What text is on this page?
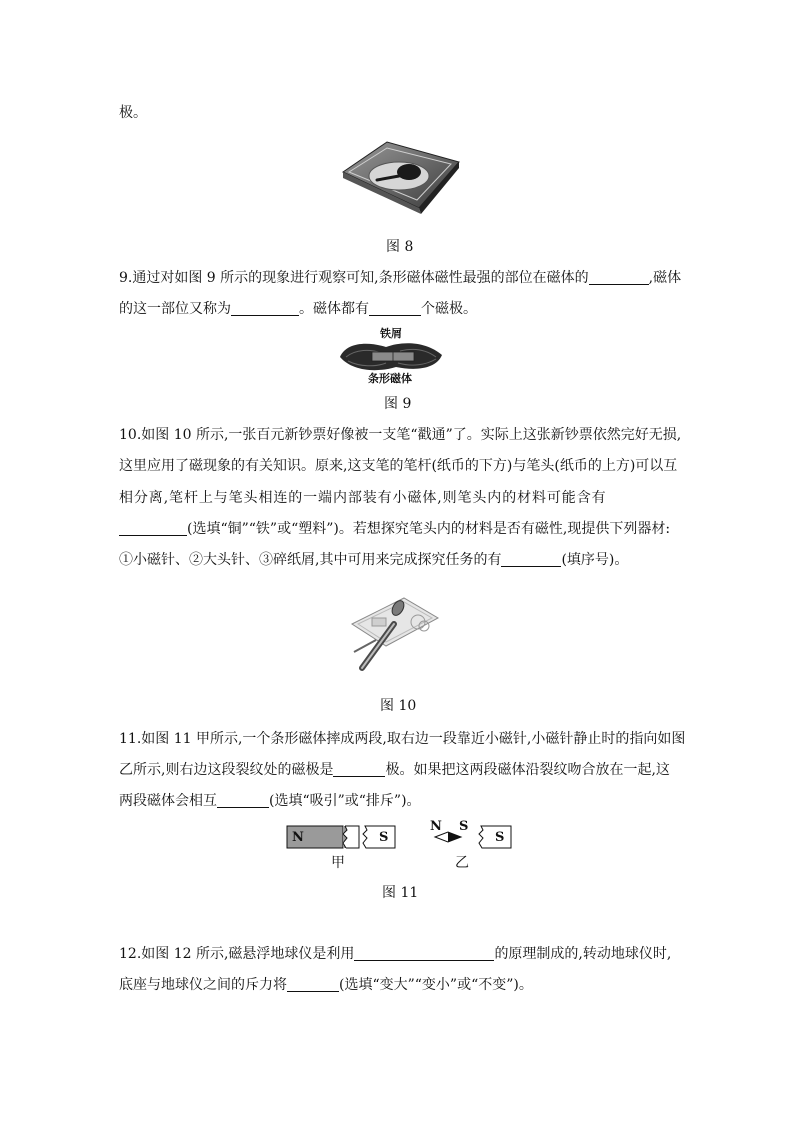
极。
图 8
9.通过对如图 9 所示的现象进行观察可知,条形磁体磁性最强的部位在磁体的	,磁体
的这一部位又称为	。磁体都有	个磁极。
铁屑
条形磁体
图 9
10.如图 10 所示,一张百元新钞票好像被一支笔“戳通”了。实际上这张新钞票依然完好无损,
这里应用了磁现象的有关知识。原来,这支笔的笔杆(纸币的下方)与笔头(纸币的上方)可以互
相分离,笔杆上与笔头相连的一端内部装有小磁体,则笔头内的材料可能含有
(选填“铜”“铁”或“塑料”)。若想探究笔头内的材料是否有磁性,现提供下列器材:
①小磁针、②大头针、③碎纸屑,其中可用来完成探究任务的有	(填序号)。
图 10
11.如图 11 甲所示,一个条形磁体摔成两段,取右边一段靠近小磁针,小磁针静止时的指向如图
乙所示,则右边这段裂纹处的磁极是	极。如果把这两段磁体沿裂纹吻合放在一起,这
两段磁体会相互	(选填“吸引”或“排斥”)。
N	S
N S
S
甲	乙
图 11
12.如图 12 所示,磁悬浮地球仪是利用	的原理制成的,转动地球仪时,
底座与地球仪之间的斥力将	(选填“变大”“变小”或“不变”)。
